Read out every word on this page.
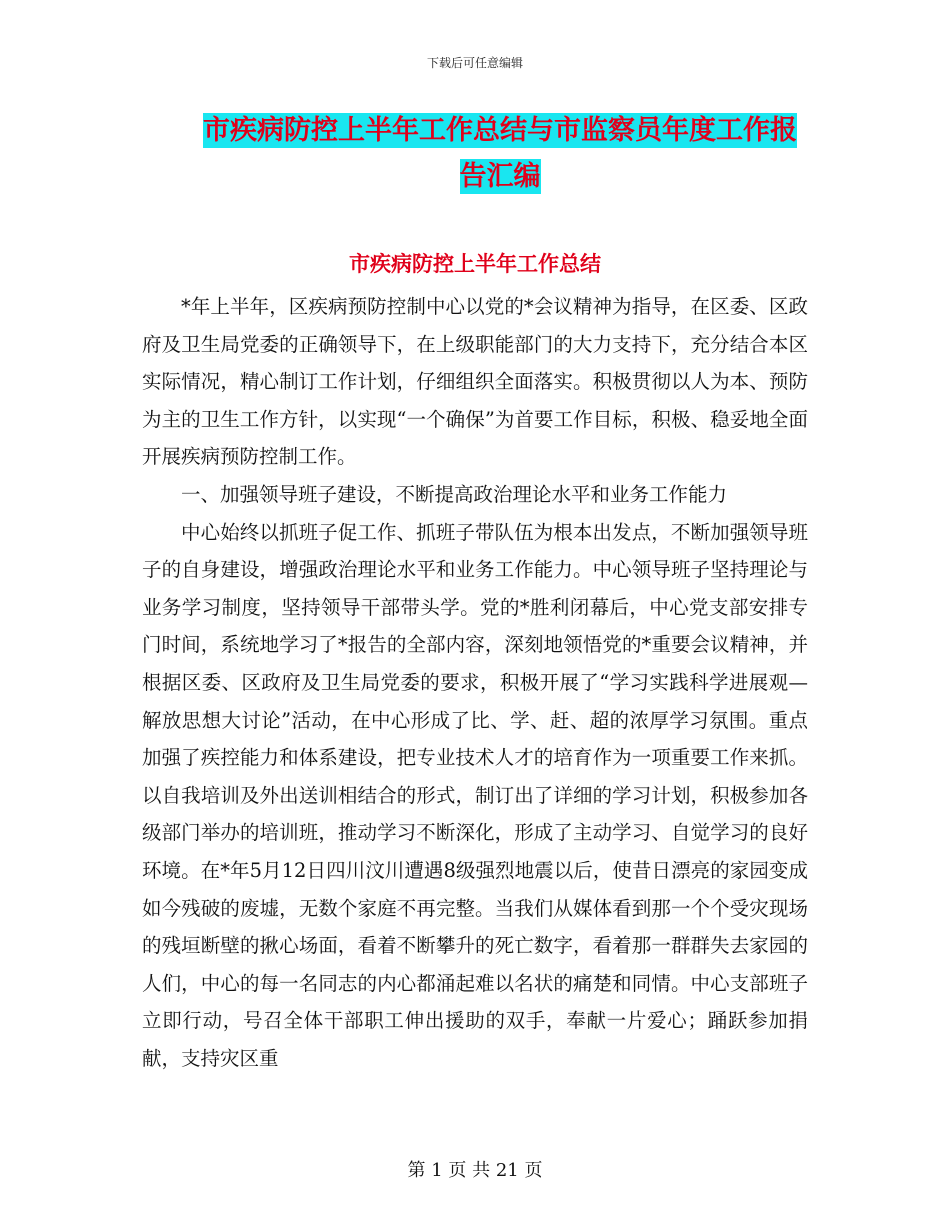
下载后可任意编辑
市疾病防控上半年工作总结与市监察员年度工作报告汇编
市疾病防控上半年工作总结

*年上半年，区疾病预防控制中心以党的*会议精神为指导，在区委、区政府及卫生局党委的正确领导下，在上级职能部门的大力支持下，充分结合本区实际情况，精心制订工作计划，仔细组织全面落实。积极贯彻以人为本、预防为主的卫生工作方针，以实现“一个确保”为首要工作目标，积极、稳妥地全面开展疾病预防控制工作。

一、加强领导班子建设，不断提高政治理论水平和业务工作能力

中心始终以抓班子促工作、抓班子带队伍为根本出发点，不断加强领导班子的自身建设，增强政治理论水平和业务工作能力。中心领导班子坚持理论与业务学习制度，坚持领导干部带头学。党的*胜利闭幕后，中心党支部安排专门时间，系统地学习了*报告的全部内容，深刻地领悟党的*重要会议精神，并根据区委、区政府及卫生局党委的要求，积极开展了“学习实践科学进展观—解放思想大讨论”活动，在中心形成了比、学、赶、超的浓厚学习氛围。重点加强了疾控能力和体系建设，把专业技术人才的培育作为一项重要工作来抓。以自我培训及外出送训相结合的形式，制订出了详细的学习计划，积极参加各级部门举办的培训班，推动学习不断深化，形成了主动学习、自觉学习的良好环境。在*年5月12日四川汶川遭遇8级强烈地震以后，使昔日漂亮的家园变成如今残破的废墟，无数个家庭不再完整。当我们从媒体看到那一个个受灾现场的残垣断壁的揪心场面，看着不断攀升的死亡数字，看着那一群群失去家园的人们，中心的每一名同志的内心都涌起难以名状的痛楚和同情。中心支部班子立即行动，号召全体干部职工伸出援助的双手，奉献一片爱心；踊跃参加捐献，支持灾区重

第 1 页 共 21 页
